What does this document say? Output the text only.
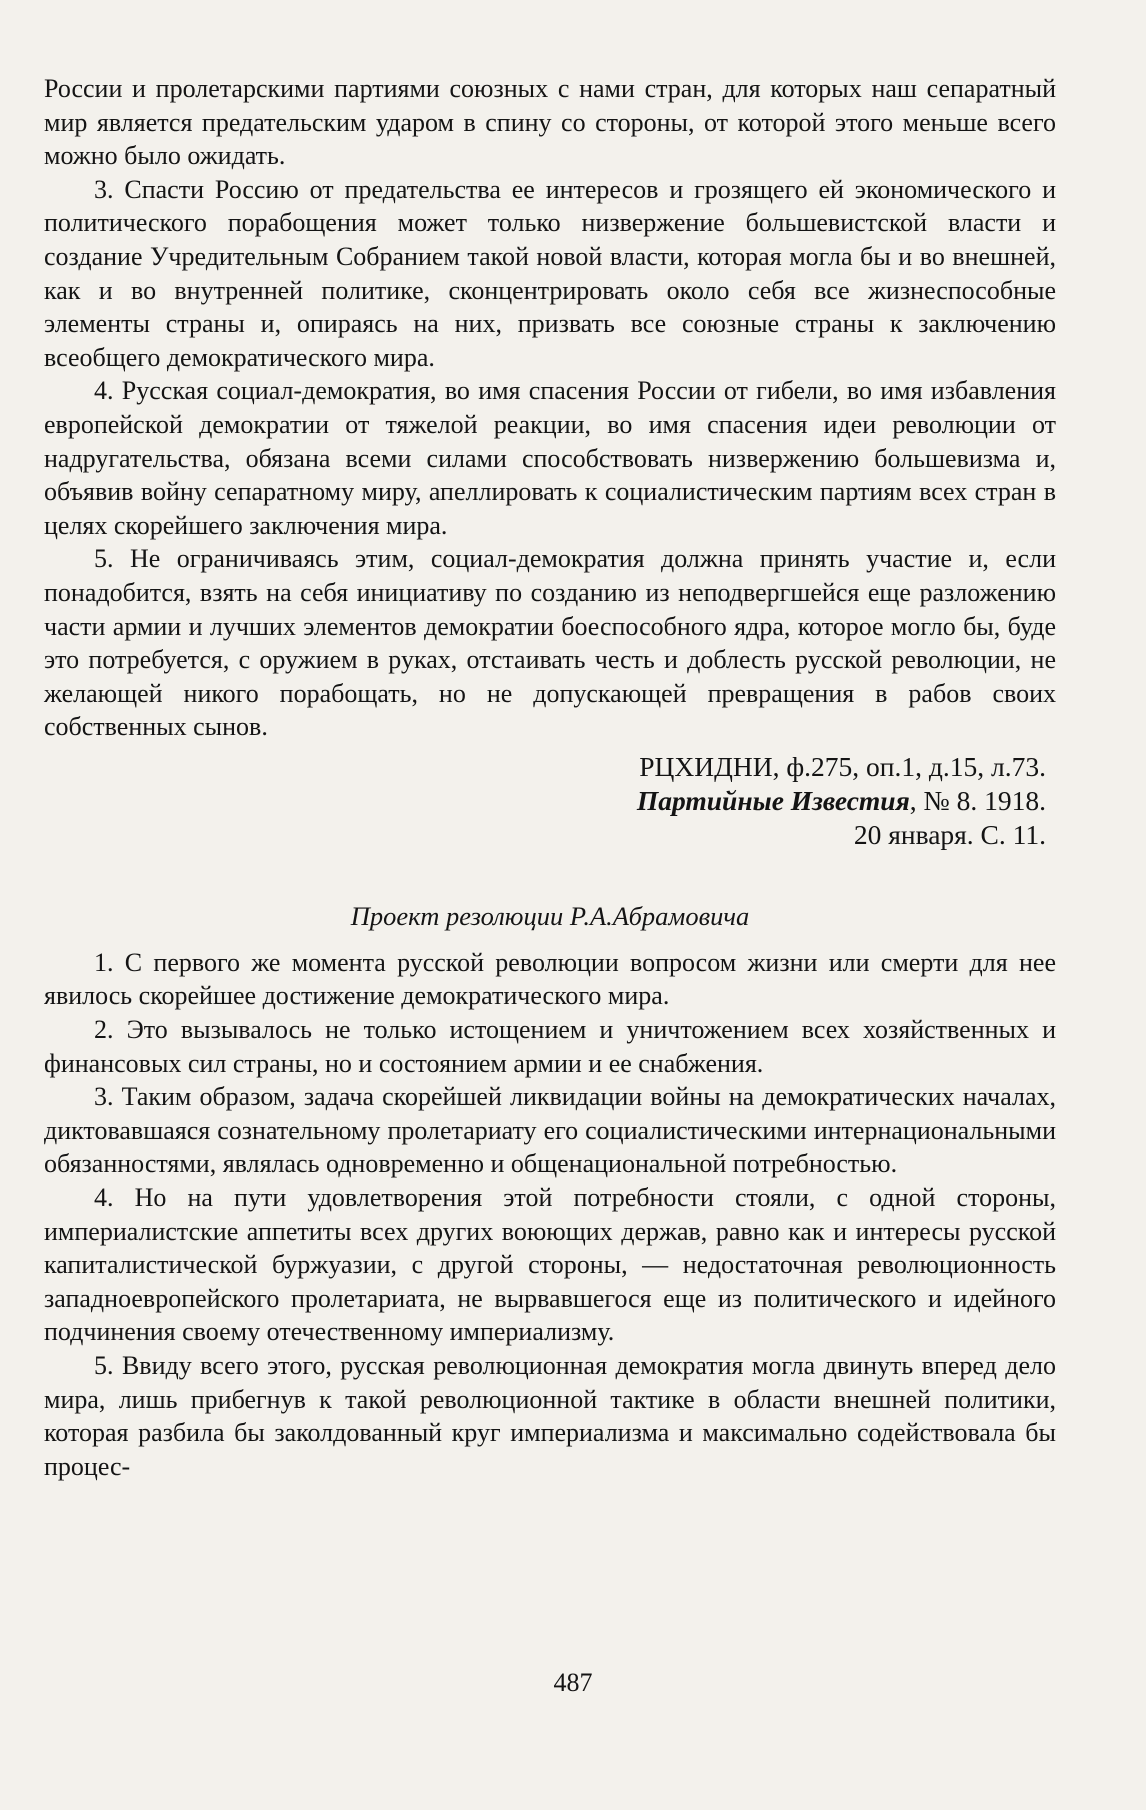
России и пролетарскими партиями союзных с нами стран, для которых наш сепаратный мир является предательским ударом в спину со стороны, от которой этого меньше всего можно было ожидать.

3. Спасти Россию от предательства ее интересов и грозящего ей экономического и политического порабощения может только низвержение большевистской власти и создание Учредительным Собранием такой новой власти, которая могла бы и во внешней, как и во внутренней политике, сконцентрировать около себя все жизнеспособные элементы страны и, опираясь на них, призвать все союзные страны к заключению всеобщего демократического мира.

4. Русская социал-демократия, во имя спасения России от гибели, во имя избавления европейской демократии от тяжелой реакции, во имя спасения идеи революции от надругательства, обязана всеми силами способствовать низвержению большевизма и, объявив войну сепаратному миру, апеллировать к социалистическим партиям всех стран в целях скорейшего заключения мира.

5. Не ограничиваясь этим, социал-демократия должна принять участие и, если понадобится, взять на себя инициативу по созданию из неподвергшейся еще разложению части армии и лучших элементов демократии боеспособного ядра, которое могло бы, буде это потребуется, с оружием в руках, отстаивать честь и доблесть русской революции, не желающей никого порабощать, но не допускающей превращения в рабов своих собственных сынов.

РЦХИДНИ, ф.275, оп.1, д.15, л.73.
Партийные Известия, № 8. 1918.
20 января. С. 11.
Проект резолюции Р.А.Абрамовича

1. С первого же момента русской революции вопросом жизни или смерти для нее явилось скорейшее достижение демократического мира.

2. Это вызывалось не только истощением и уничтожением всех хозяйственных и финансовых сил страны, но и состоянием армии и ее снабжения.

3. Таким образом, задача скорейшей ликвидации войны на демократических началах, диктовавшаяся сознательному пролетариату его социалистическими интернациональными обязанностями, являлась одновременно и общенациональной потребностью.

4. Но на пути удовлетворения этой потребности стояли, с одной стороны, империалистские аппетиты всех других воюющих держав, равно как и интересы русской капиталистической буржуазии, с другой стороны, — недостаточная революционность западноевропейского пролетариата, не вырвавшегося еще из политического и идейного подчинения своему отечественному империализму.

5. Ввиду всего этого, русская революционная демократия могла двинуть вперед дело мира, лишь прибегнув к такой революционной тактике в области внешней политики, которая разбила бы заколдованный круг империализма и максимально содействовала бы процес-

487
